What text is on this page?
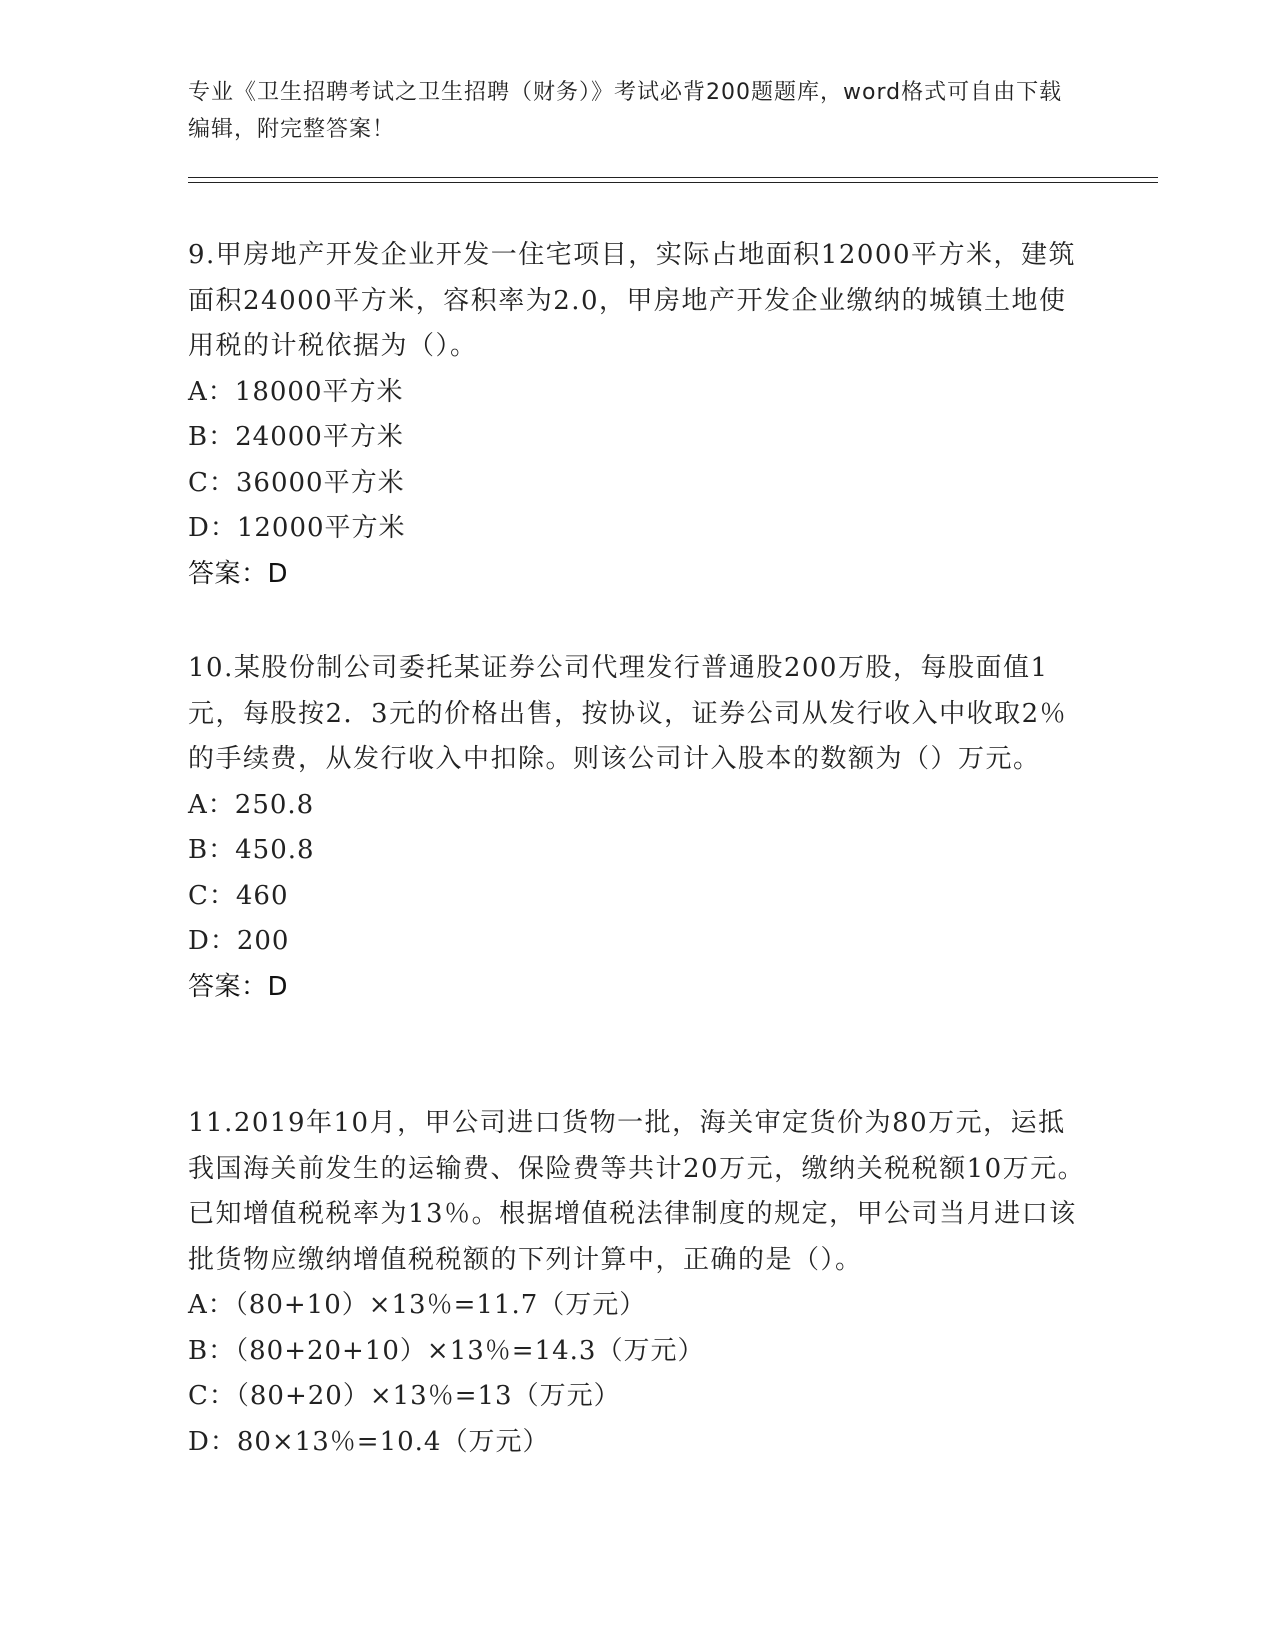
专业《卫生招聘考试之卫生招聘（财务）》考试必背200题题库，word格式可自由下载编辑，附完整答案！

9.甲房地产开发企业开发一住宅项目，实际占地面积12000平方米，建筑面积24000平方米，容积率为2.0，甲房地产开发企业缴纳的城镇土地使用税的计税依据为（）。

A：18000平方米
B：24000平方米
C：36000平方米
D：12000平方米
答案：D

10.某股份制公司委托某证券公司代理发行普通股200万股，每股面值1元，每股按2．3元的价格出售，按协议，证券公司从发行收入中收取2％的手续费，从发行收入中扣除。则该公司计入股本的数额为（）万元。

A：250.8
B：450.8
C：460
D：200
答案：D

11.2019年10月，甲公司进口货物一批，海关审定货价为80万元，运抵我国海关前发生的运输费、保险费等共计20万元，缴纳关税税额10万元。已知增值税税率为13％。根据增值税法律制度的规定，甲公司当月进口该批货物应缴纳增值税税额的下列计算中，正确的是（）。

A：（80+10）×13％=11.7（万元）
B：（80+20+10）×13％=14.3（万元）
C：（80+20）×13％=13（万元）
D：80×13％=10.4（万元）
